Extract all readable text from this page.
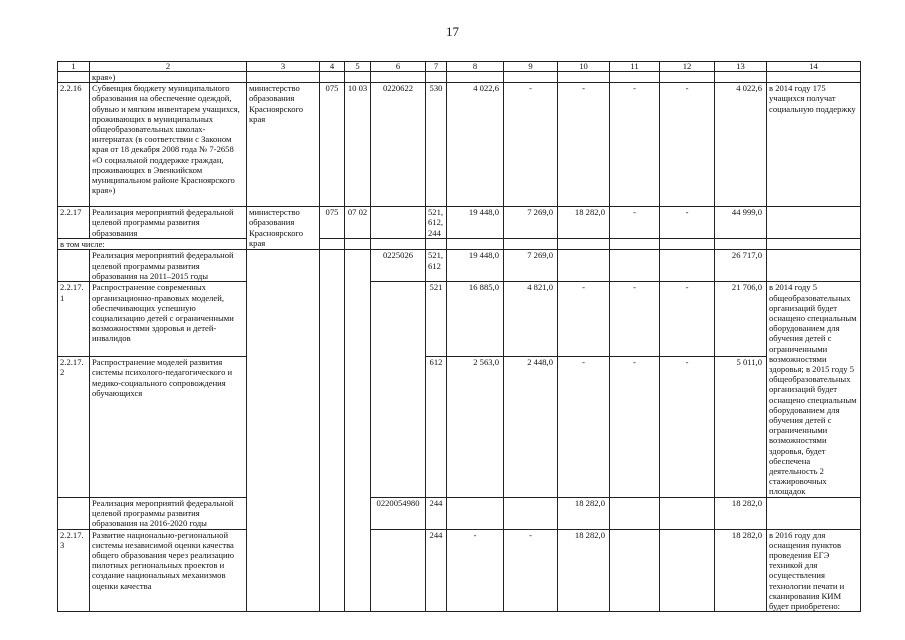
17
1	2	3	4	5	6	7	8	9	10	11	12	13	14
	края»)												
2.2.16	Субвенция бюджету муниципального образования на обеспечение одеждой, обувью и мягким инвентарем учащихся, проживающих в муниципальных общеобразовательных школах-интернатах (в соответствии с Законом края от 18 декабря 2008 года № 7-2658 «О социальной поддержке граждан, проживающих в Эвенкийском муниципальном районе Красноярского края»)	министерство образования Красноярского края	075	10 03	0220622	530	4 022,6	-	-	-	-	4 022,6	в 2014 году 175 учащихся получат социальную поддержку
2.2.17	Реализация мероприятий федеральной целевой программы развития образования	министерство образования Красноярского края	075	07 02		521, 612, 244	19 448,0	7 269,0	18 282,0	-	-	44 999,0	
в том числе:													
	Реализация мероприятий федеральной целевой программы развития образования на 2011–2015 годы				0225026	521, 612	19 448,0	7 269,0				26 717,0	
2.2.17.1	Распространение современных организационно-правовых моделей, обеспечивающих успешную социализацию детей с ограниченными возможностями здоровья и детей-инвалидов					521	16 885,0	4 821,0	-	-	-	21 706,0	в 2014 году 5 общеобразовательных организаций будет оснащено специальным оборудованием для обучения детей с ограниченными возможностями здоровья; в 2015 году 5 общеобразовательных организаций будет оснащено специальным оборудованием для обучения детей с ограниченными возможностями здоровья, будет обеспечена деятельность 2 стажировочных площадок
2.2.17.2	Распространение моделей развития системы психолого-педагогического и медико-социального сопровождения обучающихся					612	2 563,0	2 448,0	-	-	-	5 011,0	
	Реализация мероприятий федеральной целевой программы развития образования на 2016-2020 годы				0220054980	244			18 282,0			18 282,0	
2.2.17.3	Развитие национально-региональной системы независимой оценки качества общего образования через реализацию пилотных региональных проектов и создание национальных механизмов оценки качества					244	-	-	18 282,0			18 282,0	в 2016 году для оснащения пунктов проведения ЕГЭ техникой для осуществления технологии печати и сканирования КИМ будет приобретено:
